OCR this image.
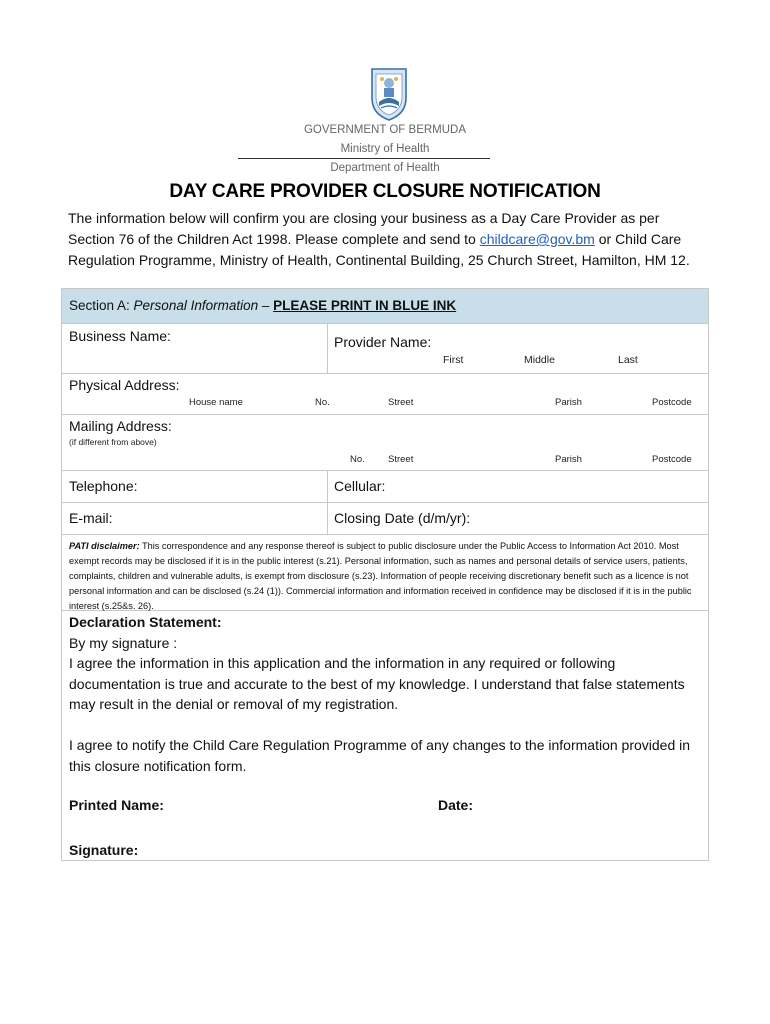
GOVERNMENT OF BERMUDA
Ministry of Health
Department of Health
DAY CARE PROVIDER CLOSURE NOTIFICATION
The information below will confirm you are closing your business as a Day Care Provider as per Section 76 of the Children Act 1998. Please complete and send to childcare@gov.bm or Child Care Regulation Programme, Ministry of Health, Continental Building, 25 Church Street, Hamilton, HM 12.
Section A: Personal Information – PLEASE PRINT IN BLUE INK
Business Name:	Provider Name:
First	Middle	Last
Physical Address:
House name	No.	Street	Parish	Postcode
Mailing Address:
(if different from above)
No. Street	Parish	Postcode
Telephone:	Cellular:
E-mail:	Closing Date (d/m/yr):
PATI disclaimer: This correspondence and any response thereof is subject to public disclosure under the Public Access to Information Act 2010. Most exempt records may be disclosed if it is in the public interest (s.21). Personal information, such as names and personal details of service users, patients, complaints, children and vulnerable adults, is exempt from disclosure (s.23). Information of people receiving discretionary benefit such as a licence is not personal information and can be disclosed (s.24 (1)). Commercial information and information received in confidence may be disclosed if it is in the public interest (s.25&s. 26).
Declaration Statement:
By my signature :
I agree the information in this application and the information in any required or following documentation is true and accurate to the best of my knowledge. I understand that false statements may result in the denial or removal of my registration.
I agree to notify the Child Care Regulation Programme of any changes to the information provided in this closure notification form.
Printed Name:	Date:
Signature:
